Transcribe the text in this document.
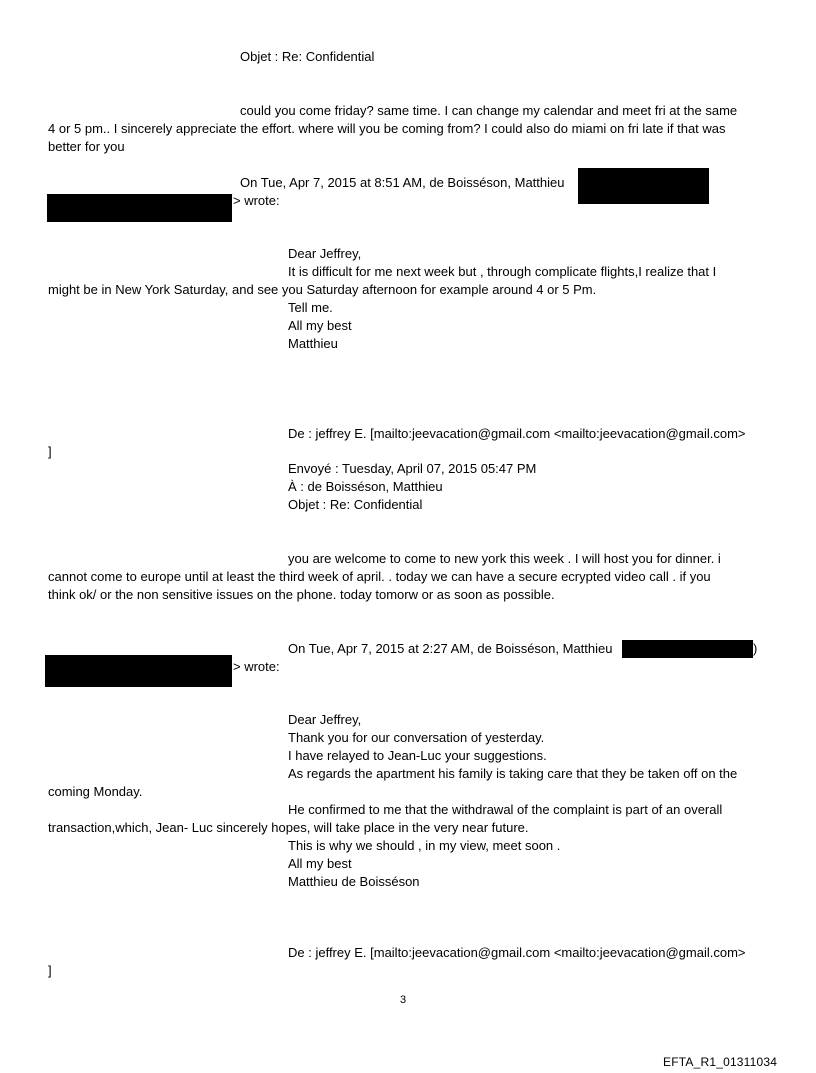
Objet : Re: Confidential
could you come friday? same time. I can change my calendar and meet fri at the same
4 or 5 pm.. I sincerely appreciate the effort. where will you be coming from? I could also do miami on fri late if that was
better for you
On Tue, Apr 7, 2015 at 8:51 AM, de Boisséson, Matthieu
> wrote:
Dear Jeffrey,
It is difficult for me next week but , through complicate flights,I realize that I
might be in New York Saturday, and see you Saturday afternoon for example around 4 or 5 Pm.
Tell me.
All my best
Matthieu
De : jeffrey E. [mailto:jeevacation@gmail.com <mailto:jeevacation@gmail.com>
]
Envoyé : Tuesday, April 07, 2015 05:47 PM
À : de Boisséson, Matthieu
Objet : Re: Confidential
you are welcome to come to new york this week . I will host you for dinner. i
cannot come to europe until at least the third week of april. . today we can have a secure ecrypted video call . if you
think ok/ or the non sensitive issues on the phone. today tomorw or as soon as possible.
On Tue, Apr 7, 2015 at 2:27 AM, de Boisséson, Matthieu	)
> wrote:
Dear Jeffrey,
Thank you for our conversation of yesterday.
I have relayed to Jean-Luc your suggestions.
As regards the apartment his family is taking care that they be taken off on the
coming Monday.
He confirmed to me that the withdrawal of the complaint is part of an overall
transaction,which, Jean- Luc sincerely hopes, will take place in the very near future.
This is why we should , in my view, meet soon .
All my best
Matthieu de Boisséson
De : jeffrey E. [mailto:jeevacation@gmail.com <mailto:jeevacation@gmail.com>
]
3
EFTA_R1_01311034
